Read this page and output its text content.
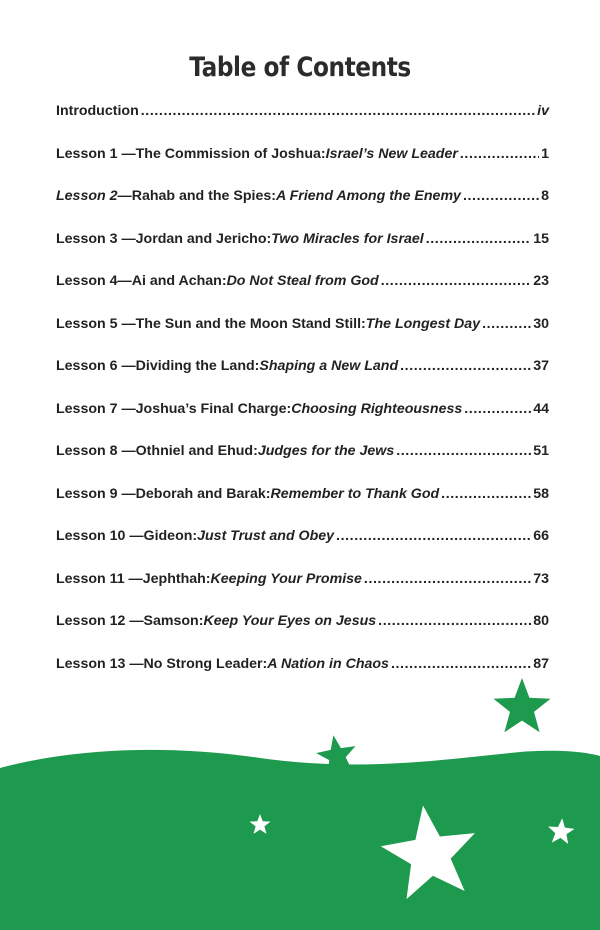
Table of Contents
Introduction .....	iv
Lesson 1 — The Commission of Joshua: Israel’s New Leader .....	1
Lesson 2 —Rahab and the Spies: A Friend Among the Enemy .....	8
Lesson 3 — Jordan and Jericho: Two Miracles for Israel .....	15
Lesson 4 —Ai and Achan: Do Not Steal from God .....	23
Lesson 5 — The Sun and the Moon Stand Still: The Longest Day .....	30
Lesson 6 — Dividing the Land: Shaping a New Land .....	37
Lesson 7 — Joshua’s Final Charge: Choosing Righteousness .....	44
Lesson 8 — Othniel and Ehud: Judges for the Jews .....	51
Lesson 9 — Deborah and Barak: Remember to Thank God .....	58
Lesson 10 — Gideon: Just Trust and Obey .....	66
Lesson 11 — Jephthah: Keeping Your Promise .....	73
Lesson 12 — Samson: Keep Your Eyes on Jesus .....	80
Lesson 13 — No Strong Leader: A Nation in Chaos .....	87
